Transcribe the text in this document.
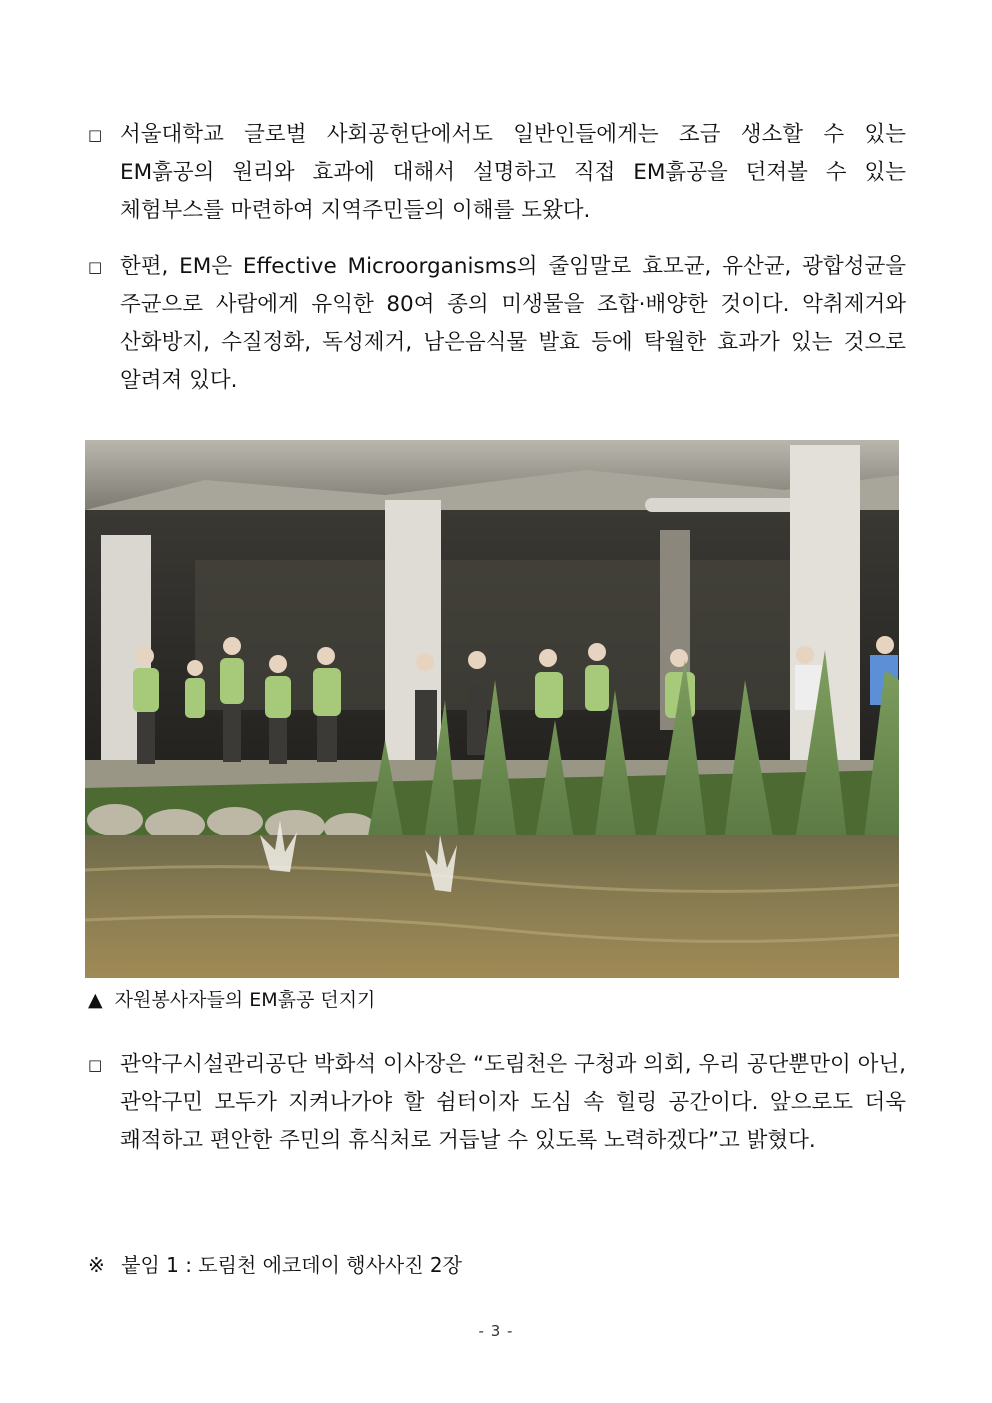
□ 서울대학교 글로벌 사회공헌단에서도 일반인들에게는 조금 생소할 수 있는 EM흙공의 원리와 효과에 대해서 설명하고 직접 EM흙공을 던져볼 수 있는 체험부스를 마련하여 지역주민들의 이해를 도왔다.
□ 한편, EM은 Effective Microorganisms의 줄임말로 효모균, 유산균, 광합성균을 주균으로 사람에게 유익한 80여 종의 미생물을 조합·배양한 것이다. 악취제거와 산화방지, 수질정화, 독성제거, 남은음식물 발효 등에 탁월한 효과가 있는 것으로 알려져 있다.
▲ 자원봉사자들의 EM흙공 던지기
□ 관악구시설관리공단 박화석 이사장은 “도림천은 구청과 의회, 우리 공단뿐만이 아닌, 관악구민 모두가 지켜나가야 할 쉼터이자 도심 속 힐링 공간이다. 앞으로도 더욱 쾌적하고 편안한 주민의 휴식처로 거듭날 수 있도록 노력하겠다”고 밝혔다.
※ 붙임 1 : 도림천 에코데이 행사사진 2장
- 3 -
